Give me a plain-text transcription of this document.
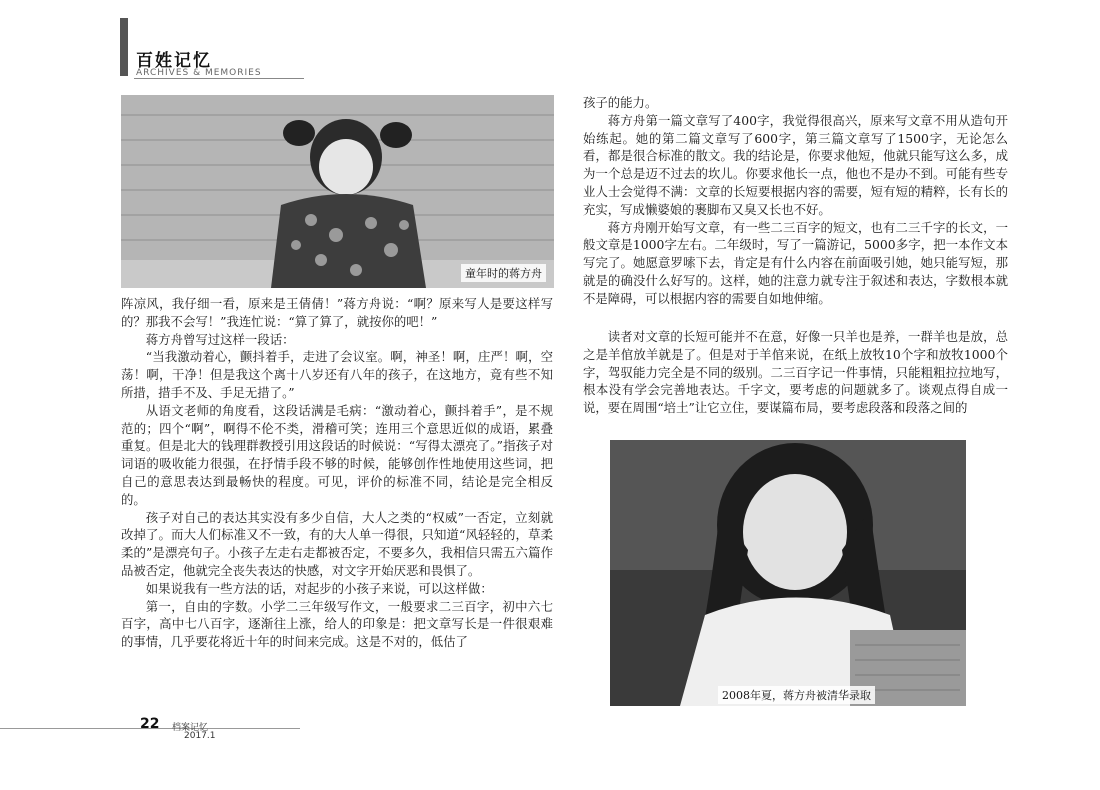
百姓记忆
ARCHIVES & MEMORIES
童年时的蒋方舟

阵凉风，我仔细一看，原来是王倩倩！”蒋方舟说：“啊？原来写人是要这样写的？那我不会写！”我连忙说：“算了算了，就按你的吧！”

蒋方舟曾写过这样一段话：

“当我激动着心，颤抖着手，走进了会议室。啊，神圣！啊，庄严！啊，空荡！啊，干净！但是我这个离十八岁还有八年的孩子，在这地方，竟有些不知所措，措手不及、手足无措了。”

从语文老师的角度看，这段话满是毛病：“激动着心，颤抖着手”，是不规范的；四个“啊”，啊得不伦不类，滑稽可笑；连用三个意思近似的成语，累叠重复。但是北大的钱理群教授引用这段话的时候说：“写得太漂亮了。”指孩子对词语的吸收能力很强，在抒情手段不够的时候，能够创作性地使用这些词，把自己的意思表达到最畅快的程度。可见，评价的标准不同，结论是完全相反的。

孩子对自己的表达其实没有多少自信，大人之类的“权威”一否定，立刻就改掉了。而大人们标准又不一致，有的大人单一得很，只知道“风轻轻的，草柔柔的”是漂亮句子。小孩子左走右走都被否定，不要多久，我相信只需五六篇作品被否定，他就完全丧失表达的快感，对文字开始厌恶和畏惧了。

如果说我有一些方法的话，对起步的小孩子来说，可以这样做：

第一，自由的字数。小学二三年级写作文，一般要求二三百字，初中六七百字，高中七八百字，逐渐往上涨，给人的印象是：把文章写长是一件很艰难的事情，几乎要花将近十年的时间来完成。这是不对的，低估了

孩子的能力。

蒋方舟第一篇文章写了400字，我觉得很高兴，原来写文章不用从造句开始练起。她的第二篇文章写了600字，第三篇文章写了1500字，无论怎么看，都是很合标准的散文。我的结论是，你要求他短，他就只能写这么多，成为一个总是迈不过去的坎儿。你要求他长一点，他也不是办不到。可能有些专业人士会觉得不满：文章的长短要根据内容的需要，短有短的精粹，长有长的充实，写成懒婆娘的裹脚布又臭又长也不好。

蒋方舟刚开始写文章，有一些二三百字的短文，也有二三千字的长文，一般文章是1000字左右。二年级时，写了一篇游记，5000多字，把一本作文本写完了。她愿意罗嗦下去，肯定是有什么内容在前面吸引她，她只能写短，那就是的确没什么好写的。这样，她的注意力就专注于叙述和表达，字数根本就不是障碍，可以根据内容的需要自如地伸缩。

读者对文章的长短可能并不在意，好像一只羊也是养，一群羊也是放，总之是羊倌放羊就是了。但是对于羊倌来说，在纸上放牧10个字和放牧1000个字，驾驭能力完全是不同的级别。二三百字记一件事情，只能粗粗拉拉地写，根本没有学会完善地表达。千字文，要考虑的问题就多了。谈观点得自成一说，要在周围“培土”让它立住，要谋篇布局，要考虑段落和段落之间的

2008年夏，蒋方舟被清华录取
22 档案记忆
2017.1
